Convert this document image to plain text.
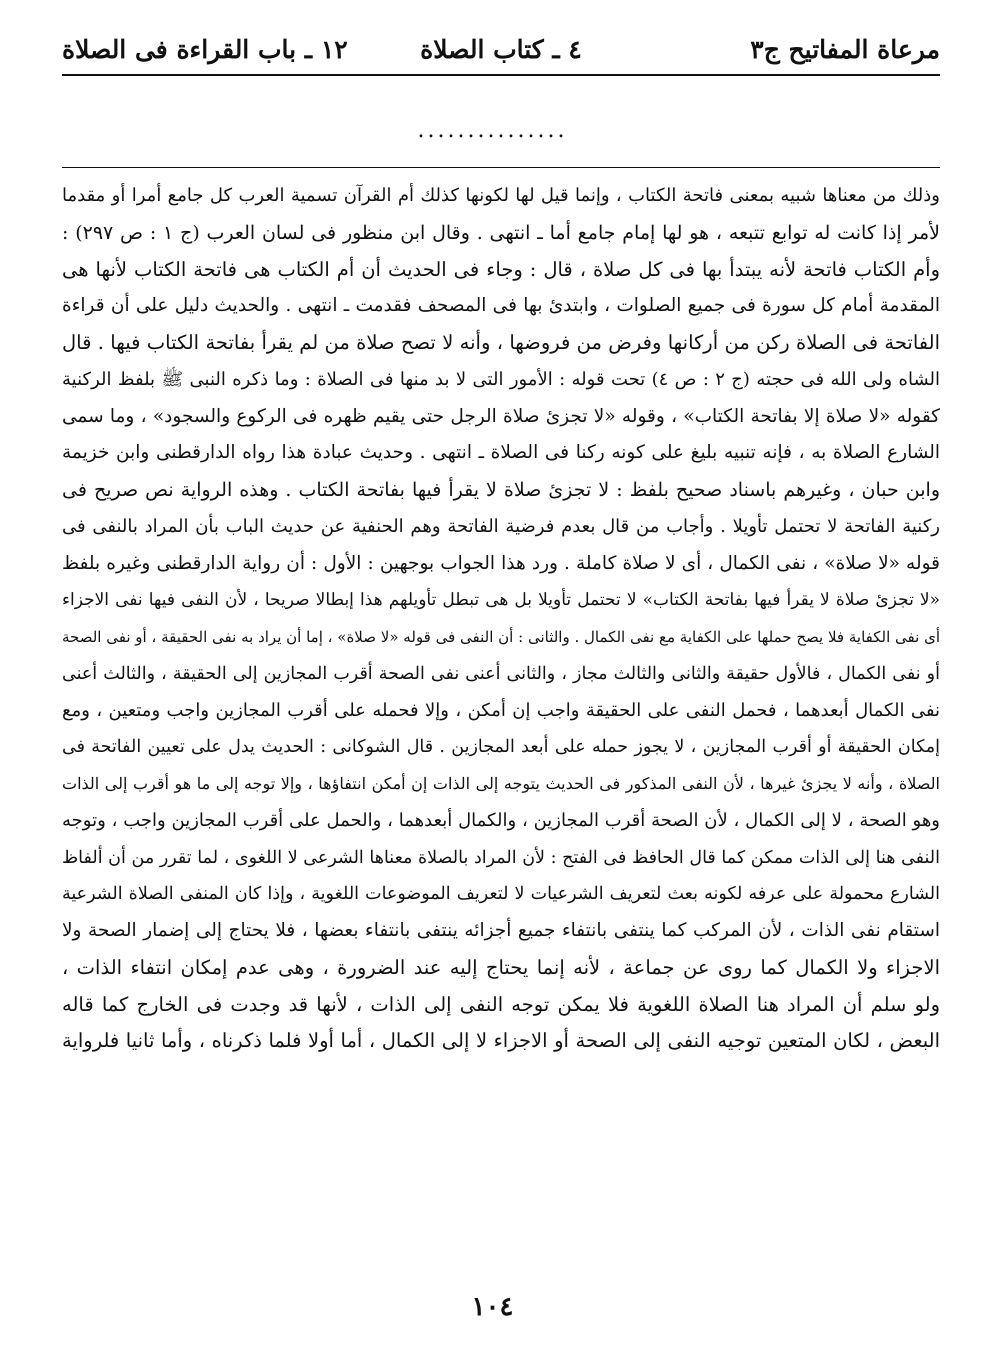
مرعاة المفاتيح ج٣
٤ ـ كتاب الصلاة
١٢ ـ باب القراءة فى الصلاة
...............
وذلك من معناها شبيه بمعنى فاتحة الكتاب ، وإنما قيل لها لكونها كذلك أم القرآن تسمية العرب كل جامع أمرا أو مقدما
لأمر إذا كانت له توابع تتبعه ، هو لها إمام جامع أما ـ انتهى . وقال ابن منظور فى لسان العرب (ج ١ : ص ٢٩٧) :
وأم الكتاب فاتحة لأنه يبتدأ بها فى كل صلاة ، قال : وجاء فى الحديث أن أم الكتاب هى فاتحة الكتاب لأنها هى
المقدمة أمام كل سورة فى جميع الصلوات ، وابتدئ بها فى المصحف فقدمت ـ انتهى . والحديث دليل على أن قراءة
الفاتحة فى الصلاة ركن من أركانها وفرض من فروضها ، وأنه لا تصح صلاة من لم يقرأ بفاتحة الكتاب فيها . قال
الشاه ولى الله فى حجته (ج ٢ : ص ٤) تحت قوله : الأمور التى لا بد منها فى الصلاة : وما ذكره النبى ﷺ بلفظ الركنية
كقوله «لا صلاة إلا بفاتحة الكتاب» ، وقوله «لا تجزئ صلاة الرجل حتى يقيم ظهره فى الركوع والسجود» ، وما سمى
الشارع الصلاة به ، فإنه تنبيه بليغ على كونه ركنا فى الصلاة ـ انتهى . وحديث عبادة هذا رواه الدارقطنى وابن خزيمة
وابن حبان ، وغيرهم باسناد صحيح بلفظ : لا تجزئ صلاة لا يقرأ فيها بفاتحة الكتاب . وهذه الرواية نص صريح فى
ركنية الفاتحة لا تحتمل تأويلا . وأجاب من قال بعدم فرضية الفاتحة وهم الحنفية عن حديث الباب بأن المراد بالنفى فى
قوله «لا صلاة» ، نفى الكمال ، أى لا صلاة كاملة . ورد هذا الجواب بوجهين : الأول : أن رواية الدارقطنى وغيره بلفظ
«لا تجزئ صلاة لا يقرأ فيها بفاتحة الكتاب» لا تحتمل تأويلا بل هى تبطل تأويلهم هذا إبطالا صريحا ، لأن النفى فيها نفى الاجزاء
أى نفى الكفاية فلا يصح حملها على الكفاية مع نفى الكمال . والثانى : أن النفى فى قوله «لا صلاة» ، إما أن يراد به نفى الحقيقة ، أو نفى الصحة
أو نفى الكمال ، فالأول حقيقة والثانى والثالث مجاز ، والثانى أعنى نفى الصحة أقرب المجازين إلى الحقيقة ، والثالث أعنى
نفى الكمال أبعدهما ، فحمل النفى على الحقيقة واجب إن أمكن ، وإلا فحمله على أقرب المجازين واجب ومتعين ، ومع
إمكان الحقيقة أو أقرب المجازين ، لا يجوز حمله على أبعد المجازين . قال الشوكانى : الحديث يدل على تعيين الفاتحة فى
الصلاة ، وأنه لا يجزئ غيرها ، لأن النفى المذكور فى الحديث يتوجه إلى الذات إن أمكن انتفاؤها ، وإلا توجه إلى ما هو أقرب إلى الذات
وهو الصحة ، لا إلى الكمال ، لأن الصحة أقرب المجازين ، والكمال أبعدهما ، والحمل على أقرب المجازين واجب ، وتوجه
النفى هنا إلى الذات ممكن كما قال الحافظ فى الفتح : لأن المراد بالصلاة معناها الشرعى لا اللغوى ، لما تقرر من أن ألفاظ
الشارع محمولة على عرفه لكونه بعث لتعريف الشرعيات لا لتعريف الموضوعات اللغوية ، وإذا كان المنفى الصلاة الشرعية
استقام نفى الذات ، لأن المركب كما ينتفى بانتفاء جميع أجزائه ينتفى بانتفاء بعضها ، فلا يحتاج إلى إضمار الصحة ولا
الاجزاء ولا الكمال كما روى عن جماعة ، لأنه إنما يحتاج إليه عند الضرورة ، وهى عدم إمكان انتفاء الذات ،
ولو سلم أن المراد هنا الصلاة اللغوية فلا يمكن توجه النفى إلى الذات ، لأنها قد وجدت فى الخارج كما قاله
البعض ، لكان المتعين توجيه النفى إلى الصحة أو الاجزاء لا إلى الكمال ، أما أولا فلما ذكرناه ، وأما ثانيا فلرواية
١٠٤
